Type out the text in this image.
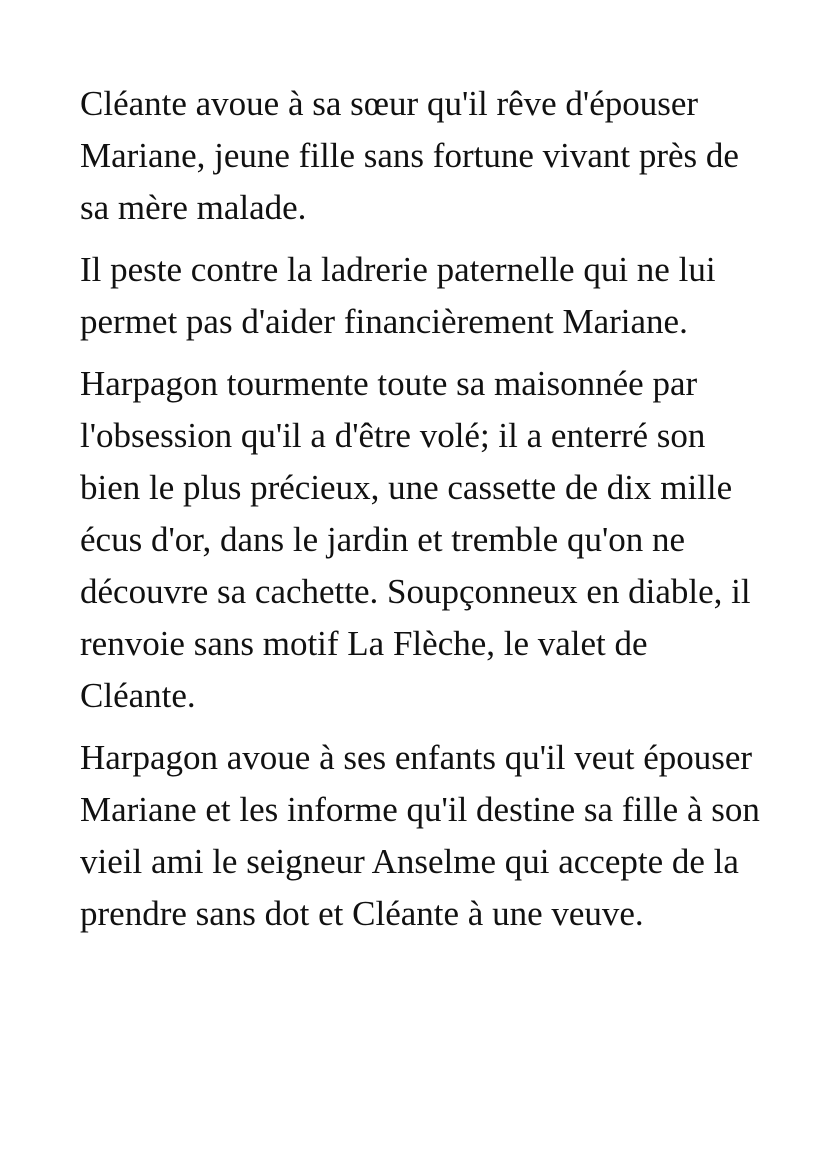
Cléante avoue à sa sœur qu'il rêve d'épouser Mariane, jeune fille sans fortune vivant près de sa mère malade.

Il peste contre la ladrerie paternelle qui ne lui permet pas d'aider financièrement Mariane.

Harpagon tourmente toute sa maisonnée par l'obsession qu'il a d'être volé; il a enterré son bien le plus précieux, une cassette de dix mille écus d'or, dans le jardin et tremble qu'on ne découvre sa cachette. Soupçonneux en diable, il renvoie sans motif La Flèche, le valet de Cléante.

Harpagon avoue à ses enfants qu'il veut épouser Mariane et les informe qu'il destine sa fille à son vieil ami le seigneur Anselme qui accepte de la prendre sans dot et Cléante à une veuve.
